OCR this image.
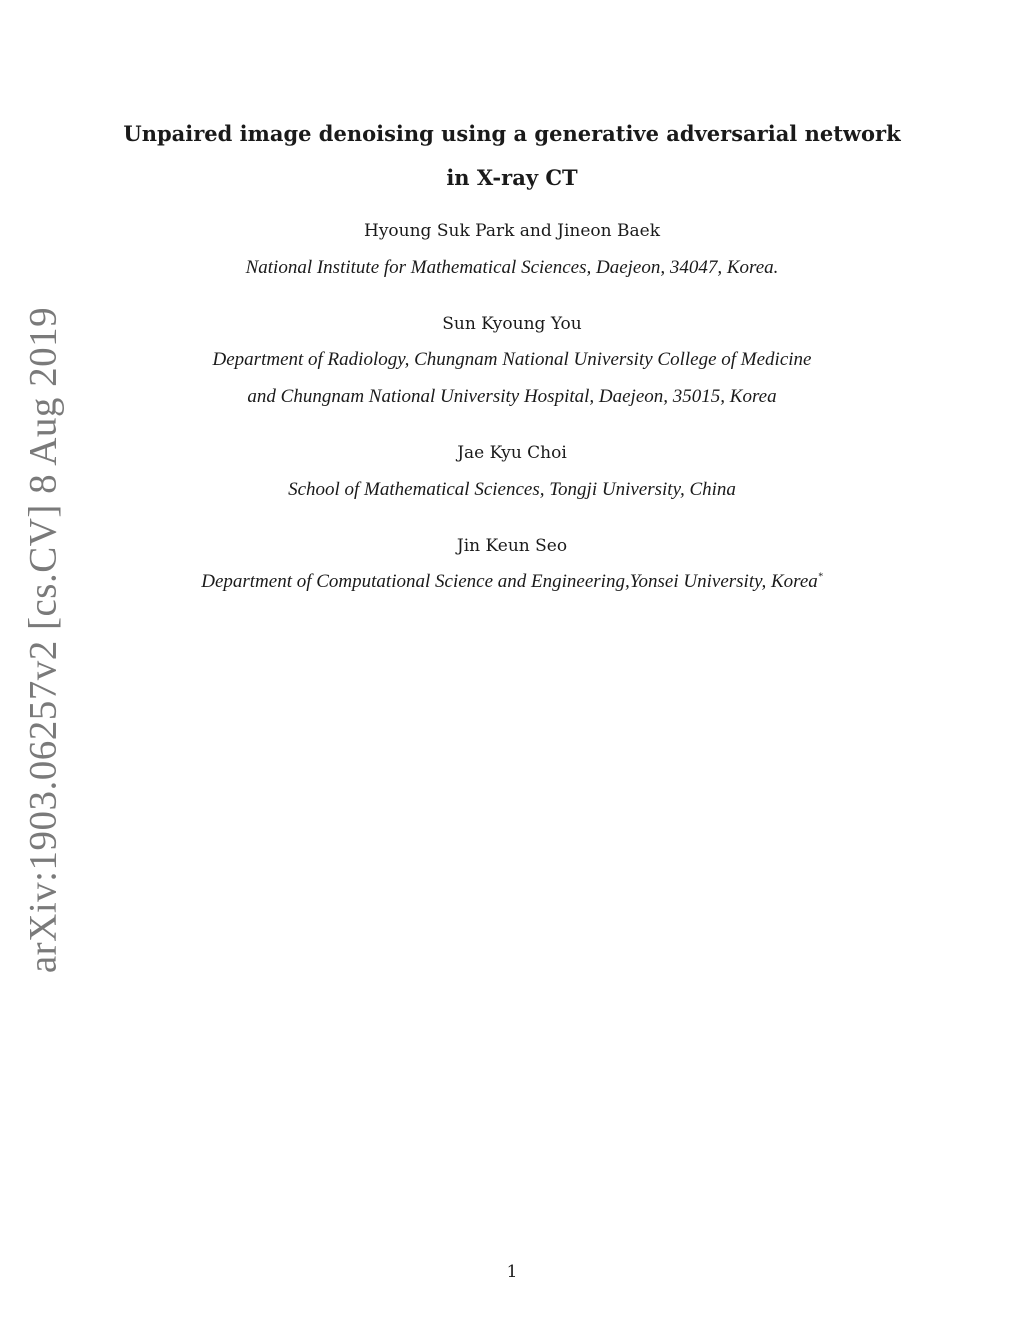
arXiv:1903.06257v2 [cs.CV] 8 Aug 2019

Unpaired image denoising using a generative adversarial network

in X-ray CT

Hyoung Suk Park and Jineon Baek
National Institute for Mathematical Sciences, Daejeon, 34047, Korea.
Sun Kyoung You
Department of Radiology, Chungnam National University College of Medicine
and Chungnam National University Hospital, Daejeon, 35015, Korea
Jae Kyu Choi
School of Mathematical Sciences, Tongji University, China
Jin Keun Seo
Department of Computational Science and Engineering,Yonsei University, Korea*
1
